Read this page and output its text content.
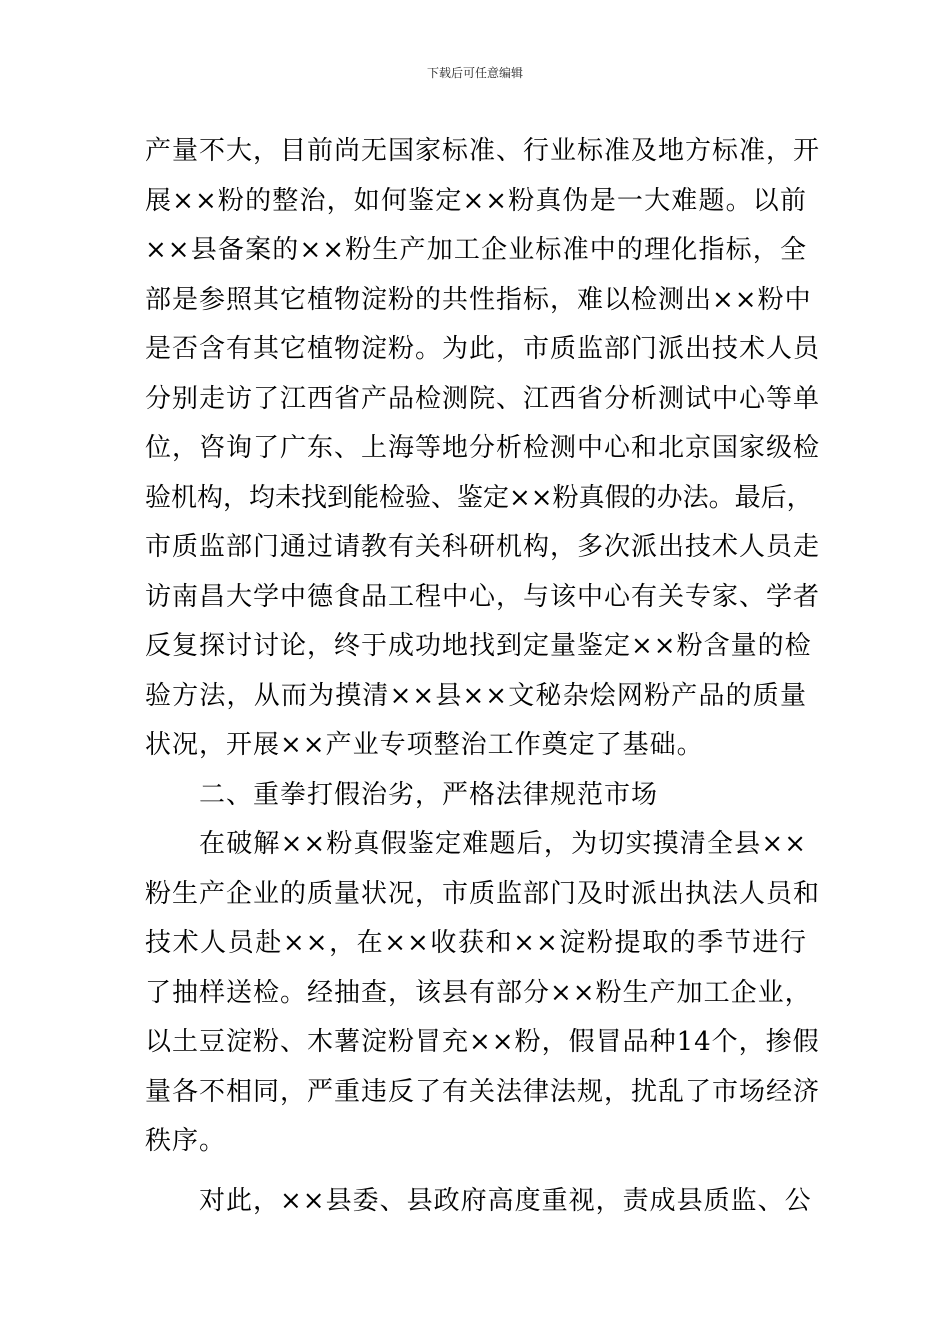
下载后可任意编辑
产量不大，目前尚无国家标准、行业标准及地方标准，开
展××粉的整治，如何鉴定××粉真伪是一大难题。以前
××县备案的××粉生产加工企业标准中的理化指标，全
部是参照其它植物淀粉的共性指标，难以检测出××粉中
是否含有其它植物淀粉。为此，市质监部门派出技术人员
分别走访了江西省产品检测院、江西省分析测试中心等单
位，咨询了广东、上海等地分析检测中心和北京国家级检
验机构，均未找到能检验、鉴定××粉真假的办法。最后，
市质监部门通过请教有关科研机构，多次派出技术人员走
访南昌大学中德食品工程中心，与该中心有关专家、学者
反复探讨讨论，终于成功地找到定量鉴定××粉含量的检
验方法，从而为摸清××县××文秘杂烩网粉产品的质量
状况，开展××产业专项整治工作奠定了基础。
二、重拳打假治劣，严格法律规范市场
在破解××粉真假鉴定难题后，为切实摸清全县××
粉生产企业的质量状况，市质监部门及时派出执法人员和
技术人员赴××，在××收获和××淀粉提取的季节进行
了抽样送检。经抽查，该县有部分××粉生产加工企业，
以土豆淀粉、木薯淀粉冒充××粉，假冒品种14个，掺假
量各不相同，严重违反了有关法律法规，扰乱了市场经济
秩序。
对此，××县委、县政府高度重视，责成县质监、公
